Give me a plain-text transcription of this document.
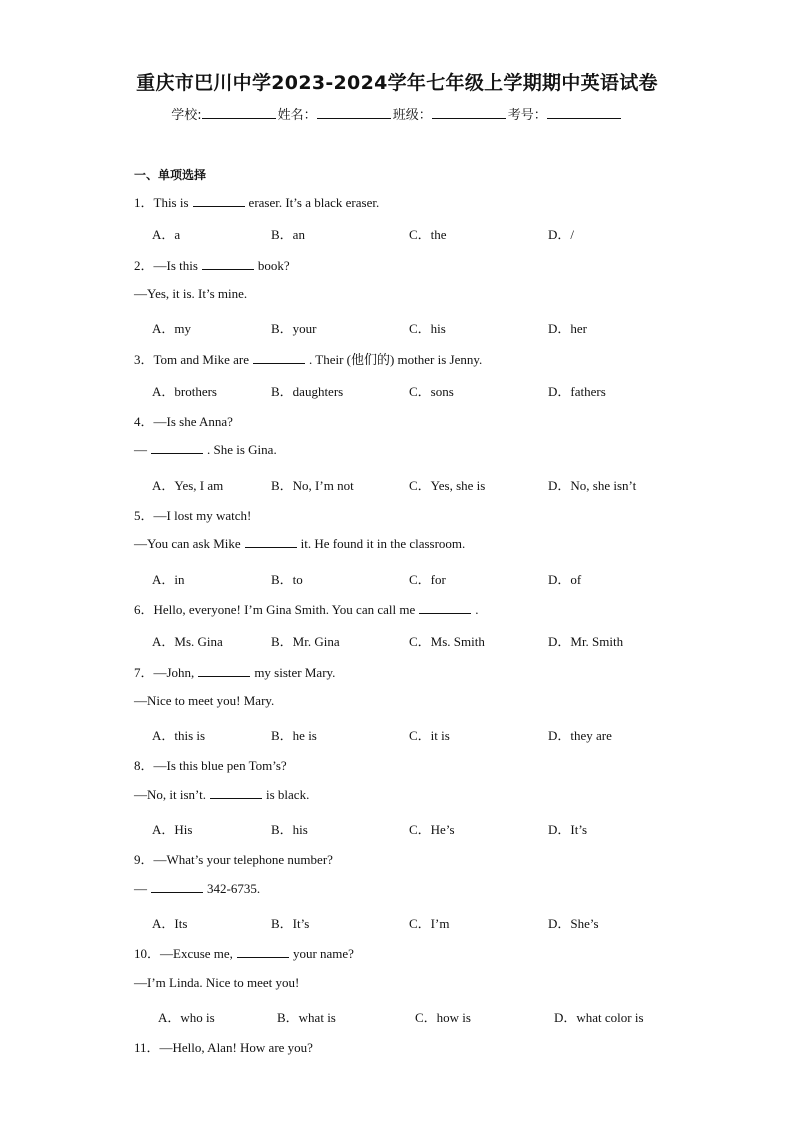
重庆市巴川中学2023-2024学年七年级上学期期中英语试卷
学校:	姓名：	班级：	考号：
一、单项选择
1．This is	eraser. It’s a black eraser.
A．a	B．an	C．the	D．/
2．—Is this	book?
—Yes, it is. It’s mine.
A．my	B．your	C．his	D．her
3．Tom and Mike are	. Their (他们的) mother is Jenny.
A．brothers	B．daughters	C．sons	D．fathers
4．—Is she Anna?
—	. She is Gina.
A．Yes, I am	B．No, I’m not	C．Yes, she is	D．No, she isn’t
5．—I lost my watch!
—You can ask Mike	it. He found it in the classroom.
A．in	B．to	C．for	D．of
6．Hello, everyone! I’m Gina Smith. You can call me	.
A．Ms. Gina	B．Mr. Gina	C．Ms. Smith	D．Mr. Smith
7．—John,	my sister Mary.
—Nice to meet you! Mary.
A．this is	B．he is	C．it is	D．they are
8．—Is this blue pen Tom’s?
—No, it isn’t.	is black.
A．His	B．his	C．He’s	D．It’s
9．—What’s your telephone number?
—	342-6735.
A．Its	B．It’s	C．I’m	D．She’s
10．—Excuse me,	your name?
—I’m Linda. Nice to meet you!
A．who is	B．what is	C．how is	D．what color is
11．—Hello, Alan! How are you?
